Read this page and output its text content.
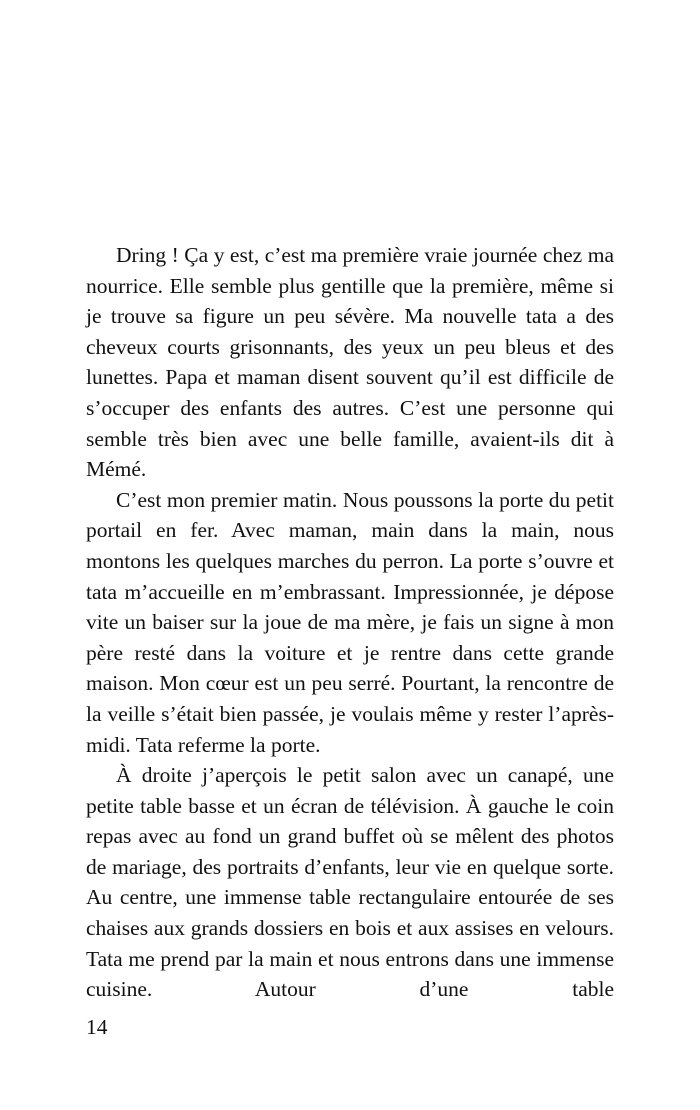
Dring ! Ça y est, c’est ma première vraie journée chez ma nourrice. Elle semble plus gentille que la première, même si je trouve sa figure un peu sévère. Ma nouvelle tata a des cheveux courts grisonnants, des yeux un peu bleus et des lunettes. Papa et maman disent souvent qu’il est difficile de s’occuper des enfants des autres. C’est une personne qui semble très bien avec une belle famille, avaient-ils dit à Mémé.

C’est mon premier matin. Nous poussons la porte du petit portail en fer. Avec maman, main dans la main, nous montons les quelques marches du perron. La porte s’ouvre et tata m’accueille en m’embrassant. Impressionnée, je dépose vite un baiser sur la joue de ma mère, je fais un signe à mon père resté dans la voiture et je rentre dans cette grande maison. Mon cœur est un peu serré. Pourtant, la rencontre de la veille s’était bien passée, je voulais même y rester l’après-midi. Tata referme la porte.

À droite j’aperçois le petit salon avec un canapé, une petite table basse et un écran de télévision. À gauche le coin repas avec au fond un grand buffet où se mêlent des photos de mariage, des portraits d’enfants, leur vie en quelque sorte. Au centre, une immense table rectangulaire entourée de ses chaises aux grands dossiers en bois et aux assises en velours. Tata me prend par la main et nous entrons dans une immense cuisine. Autour d’une table

14
